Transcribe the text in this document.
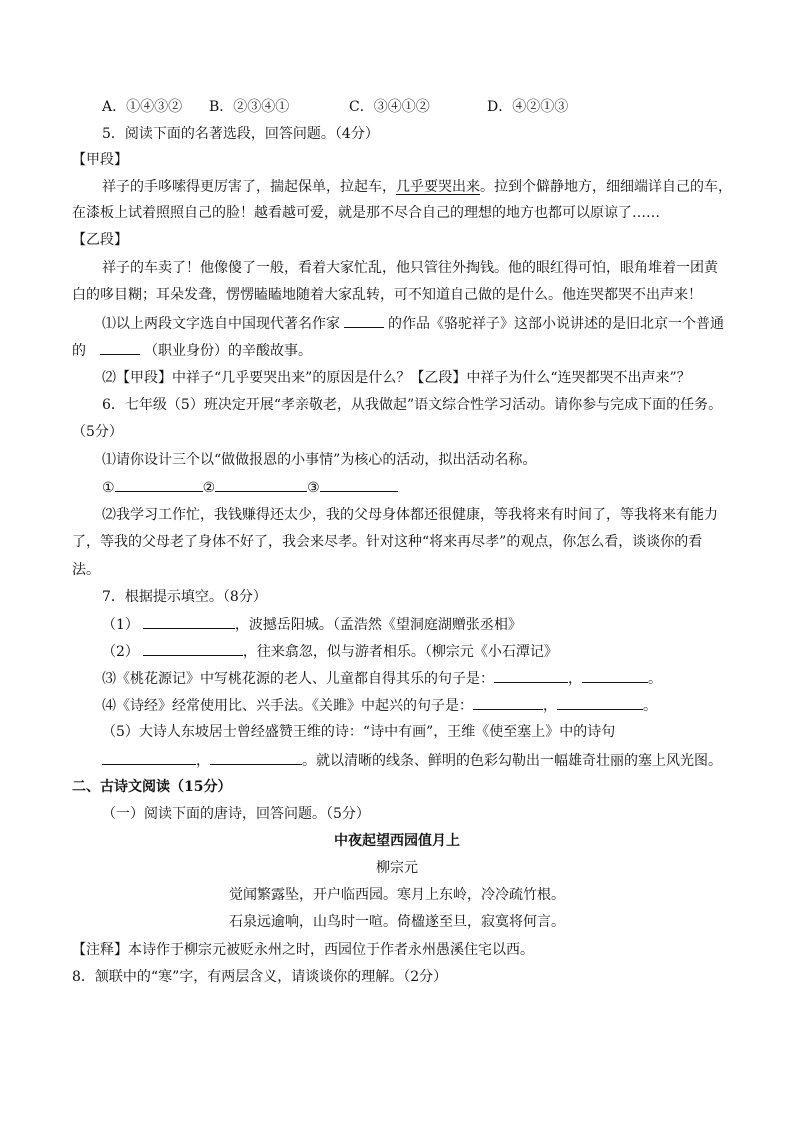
A．①④③② B．②③④①	C．③④①②	D．④②①③
5．阅读下面的名著选段，回答问题。（4分）
【甲段】
祥子的手哆嗦得更厉害了，揣起保单，拉起车，几乎要哭出来。拉到个僻静地方，细细端详自己的车，
在漆板上试着照照自己的脸！越看越可爱，就是那不尽合自己的理想的地方也都可以原谅了……
【乙段】
祥子的车卖了！他像傻了一般，看着大家忙乱，他只管往外掏钱。他的眼红得可怕，眼角堆着一团黄
白的哆目糊；耳朵发聋，愣愣瞌瞌地随着大家乱转，可不知道自己做的是什么。他连哭都哭不出声来！
⑴以上两段文字选自中国现代著名作家	的作品《骆驼祥子》这部小说讲述的是旧北京一个普通
的	（职业身份）的辛酸故事。
⑵【甲段】中祥子“几乎要哭出来”的原因是什么？【乙段】中祥子为什么“连哭都哭不出声来”？
6．七年级（5）班决定开展“孝亲敬老，从我做起”语文综合性学习活动。请你参与完成下面的任务。
（5分）
⑴请你设计三个以“做做报恩的小事情”为核心的活动，拟出活动名称。
①	②	③
⑵我学习工作忙，我钱赚得还太少，我的父母身体都还很健康，等我将来有时间了，等我将来有能力
了，等我的父母老了身体不好了，我会来尽孝。针对这种“将来再尽孝”的观点，你怎么看，谈谈你的看
法。
7．根据提示填空。（8分）
（1）	，波撼岳阳城。（孟浩然《望洞庭湖赠张丞相》
（2）	，往来翕忽，似与游者相乐。（柳宗元《小石潭记》
⑶《桃花源记》中写桃花源的老人、儿童都自得其乐的句子是：	，	。
⑷《诗经》经常使用比、兴手法。《关雎》中起兴的句子是：	，	。
（5）大诗人东坡居士曾经盛赞王维的诗：“诗中有画”，王维《使至塞上》中的诗句
，	。就以清晰的线条、鲜明的色彩勾勒出一幅雄奇壮丽的塞上风光图。
二、古诗文阅读（15分）
（一）阅读下面的唐诗，回答问题。（5分）
中夜起望西园值月上
柳宗元
觉闻繁露坠，开户临西园。寒月上东岭，冷冷疏竹根。
石泉远逾响，山鸟时一喧。倚楹遂至旦，寂寞将何言。
【注释】本诗作于柳宗元被贬永州之时，西园位于作者永州愚溪住宅以西。
8．颔联中的“寒”字，有两层含义，请谈谈你的理解。（2分）
